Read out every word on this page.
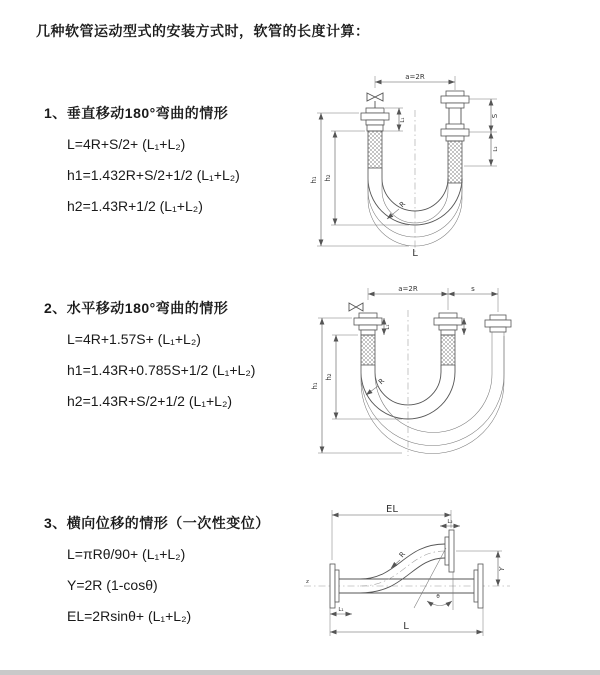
几种软管运动型式的安装方式时，软管的长度计算：
1、垂直移动180°弯曲的情形
L=4R+S/2+ (L₁+L₂)
h1=1.432R+S/2+1/2 (L₁+L₂)
h2=1.43R+1/2 (L₁+L₂)
2、水平移动180°弯曲的情形
L=4R+1.57S+ (L₁+L₂)
h1=1.43R+0.785S+1/2 (L₁+L₂)
h2=1.43R+S/2+1/2 (L₁+L₂)
3、横向位移的情形（一次性变位）
L=πRθ/90+ (L₁+L₂)
Y=2R (1-cosθ)
EL=2Rsinθ+ (L₁+L₂)
a=2R
h₁ h₂
S
L₂
L₁
R
L
a=2R	s
L₁
h₁
h₂
R
z
EL
L₂
θ
R
Y
L₁
L
